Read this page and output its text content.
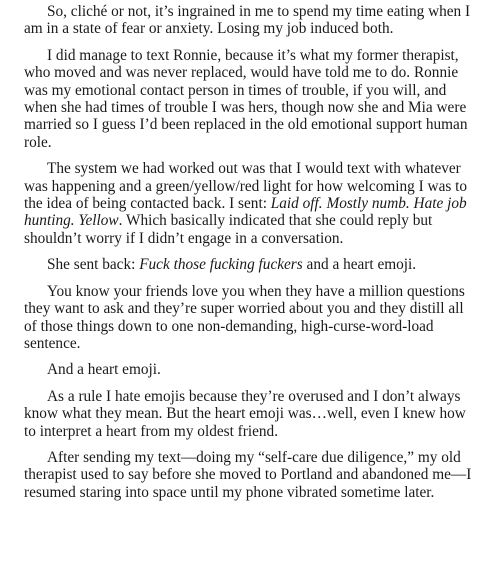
So, cliché or not, it’s ingrained in me to spend my time eating when I am in a state of fear or anxiety. Losing my job induced both.

I did manage to text Ronnie, because it’s what my former therapist, who moved and was never replaced, would have told me to do. Ronnie was my emotional contact person in times of trouble, if you will, and when she had times of trouble I was hers, though now she and Mia were married so I guess I’d been replaced in the old emotional support human role.

The system we had worked out was that I would text with whatever was happening and a green/yellow/red light for how welcoming I was to the idea of being contacted back. I sent: Laid off. Mostly numb. Hate job hunting. Yellow. Which basically indicated that she could reply but shouldn’t worry if I didn’t engage in a conversation.

She sent back: Fuck those fucking fuckers and a heart emoji.

You know your friends love you when they have a million questions they want to ask and they’re super worried about you and they distill all of those things down to one non-demanding, high-curse-word-load sentence.

And a heart emoji.

As a rule I hate emojis because they’re overused and I don’t always know what they mean. But the heart emoji was…well, even I knew how to interpret a heart from my oldest friend.

After sending my text—doing my “self-care due diligence,” my old therapist used to say before she moved to Portland and abandoned me—I resumed staring into space until my phone vibrated sometime later.
